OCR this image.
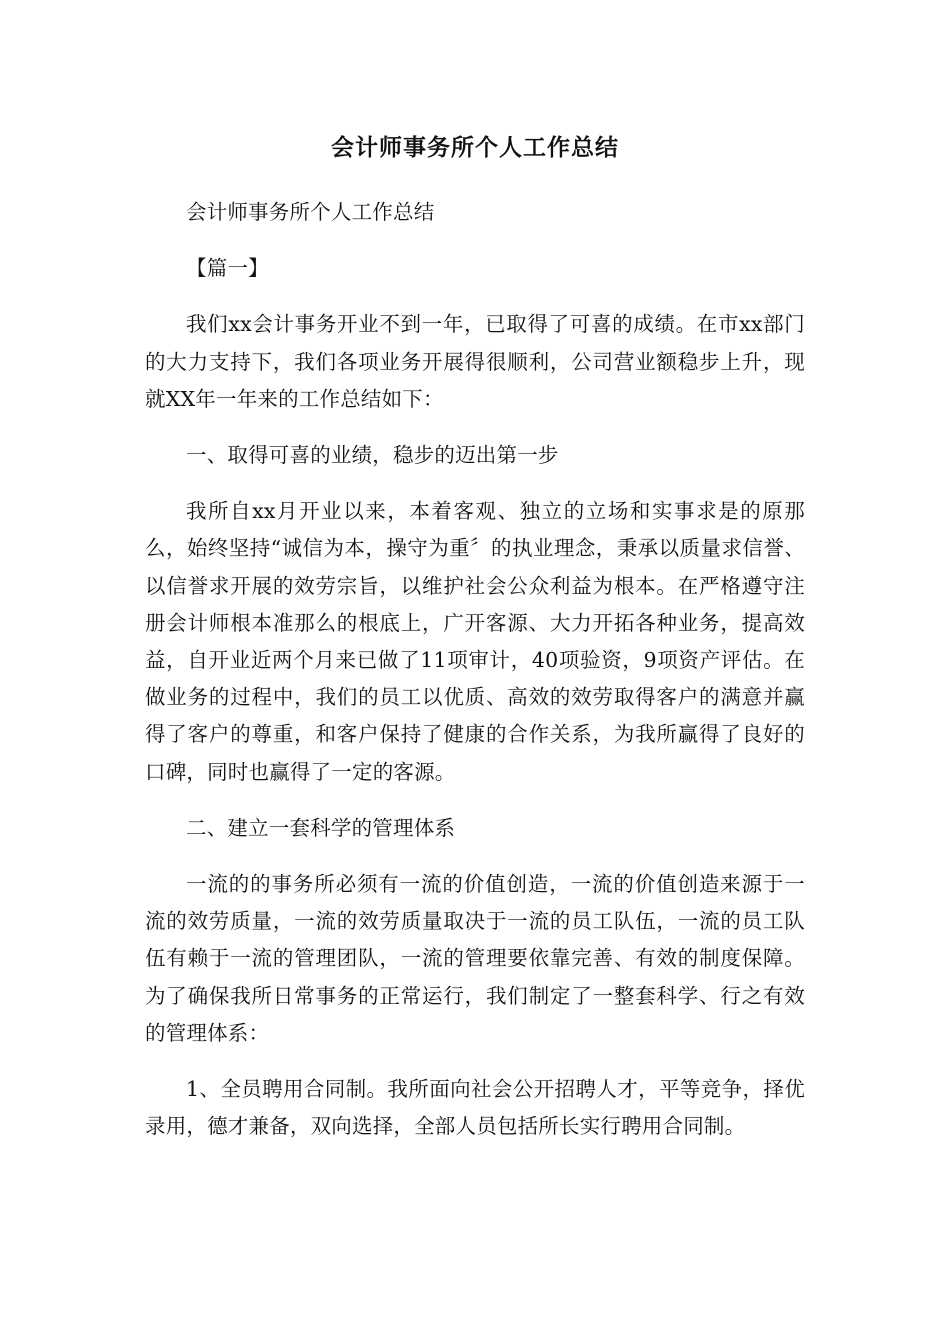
会计师事务所个人工作总结

会计师事务所个人工作总结

【篇一】

我们xx会计事务开业不到一年，已取得了可喜的成绩。在市xx部门的大力支持下，我们各项业务开展得很顺利，公司营业额稳步上升，现就XX年一年来的工作总结如下：

一、取得可喜的业绩，稳步的迈出第一步

我所自xx月开业以来，本着客观、独立的立场和实事求是的原那么，始终坚持“诚信为本，操守为重〞的执业理念，秉承以质量求信誉、以信誉求开展的效劳宗旨，以维护社会公众利益为根本。在严格遵守注册会计师根本准那么的根底上，广开客源、大力开拓各种业务，提高效益，自开业近两个月来已做了11项审计，40项验资，9项资产评估。在做业务的过程中，我们的员工以优质、高效的效劳取得客户的满意并赢得了客户的尊重，和客户保持了健康的合作关系，为我所赢得了良好的口碑，同时也赢得了一定的客源。

二、建立一套科学的管理体系

一流的的事务所必须有一流的价值创造，一流的价值创造来源于一流的效劳质量，一流的效劳质量取决于一流的员工队伍，一流的员工队伍有赖于一流的管理团队，一流的管理要依靠完善、有效的制度保障。为了确保我所日常事务的正常运行，我们制定了一整套科学、行之有效的管理体系：

1、全员聘用合同制。我所面向社会公开招聘人才，平等竞争，择优录用，德才兼备，双向选择，全部人员包括所长实行聘用合同制。
